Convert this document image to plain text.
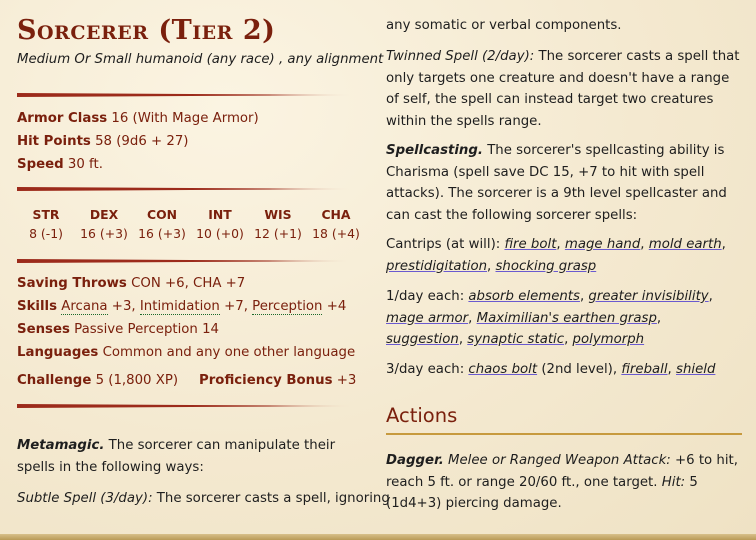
Sorcerer (Tier 2)
Medium Or Small humanoid (any race) , any alignment
Armor Class 16 (With Mage Armor)
Hit Points 58 (9d6 + 27)
Speed 30 ft.
STR
8 (-1)
DEX
16 (+3)
CON
16 (+3)
INT
10 (+0)
WIS
12 (+1)
CHA
18 (+4)
Saving Throws CON +6, CHA +7
Skills Arcana +3, Intimidation +7, Perception +4
Senses Passive Perception 14
Languages Common and any one other language
Challenge 5 (1,800 XP) Proficiency Bonus +3
Metamagic. The sorcerer can manipulate their spells in the following ways:
Subtle Spell (3/day): The sorcerer casts a spell, ignoring
any somatic or verbal components.
Twinned Spell (2/day): The sorcerer casts a spell that only targets one creature and doesn't have a range of self, the spell can instead target two creatures within the spells range.
Spellcasting. The sorcerer's spellcasting ability is Charisma (spell save DC 15, +7 to hit with spell attacks). The sorcerer is a 9th level spellcaster and can cast the following sorcerer spells:
Cantrips (at will): fire bolt, mage hand, mold earth, prestidigitation, shocking grasp
1/day each: absorb elements, greater invisibility, mage armor, Maximilian's earthen grasp, suggestion, synaptic static, polymorph
3/day each: chaos bolt (2nd level), fireball, shield
Actions
Dagger. Melee or Ranged Weapon Attack: +6 to hit, reach 5 ft. or range 20/60 ft., one target. Hit: 5 (1d4+3) piercing damage.
